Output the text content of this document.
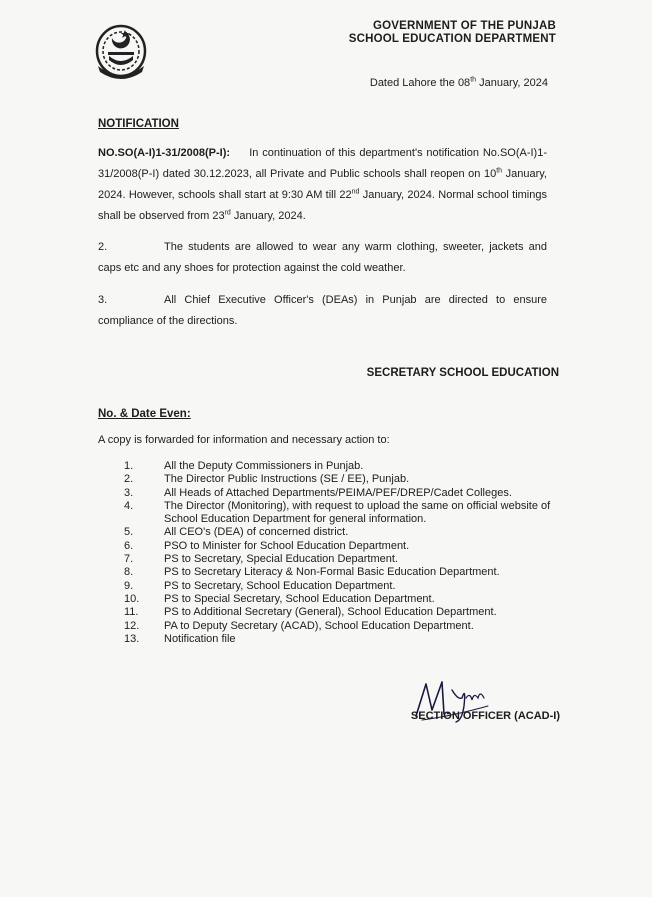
GOVERNMENT OF THE PUNJAB
SCHOOL EDUCATION DEPARTMENT
Dated Lahore the 08th January, 2024
NOTIFICATION
NO.SO(A-I)1-31/2008(P-I): In continuation of this department's notification No.SO(A-I)1-31/2008(P-I) dated 30.12.2023, all Private and Public schools shall reopen on 10th January, 2024. However, schools shall start at 9:30 AM till 22nd January, 2024. Normal school timings shall be observed from 23rd January, 2024.
2.	The students are allowed to wear any warm clothing, sweeter, jackets and caps etc and any shoes for protection against the cold weather.
3.	All Chief Executive Officer's (DEAs) in Punjab are directed to ensure compliance of the directions.
SECRETARY SCHOOL EDUCATION
No. & Date Even:
A copy is forwarded for information and necessary action to:
1.	All the Deputy Commissioners in Punjab.
2.	The Director Public Instructions (SE / EE), Punjab.
3.	All Heads of Attached Departments/PEIMA/PEF/DREP/Cadet Colleges.
4.	The Director (Monitoring), with request to upload the same on official website of School Education Department for general information.
5.	All CEO's (DEA) of concerned district.
6.	PSO to Minister for School Education Department.
7.	PS to Secretary, Special Education Department.
8.	PS to Secretary Literacy & Non-Formal Basic Education Department.
9.	PS to Secretary, School Education Department.
10.	PS to Special Secretary, School Education Department.
11.	PS to Additional Secretary (General), School Education Department.
12.	PA to Deputy Secretary (ACAD), School Education Department.
13.	Notification file
SECTION OFFICER (ACAD-I)
